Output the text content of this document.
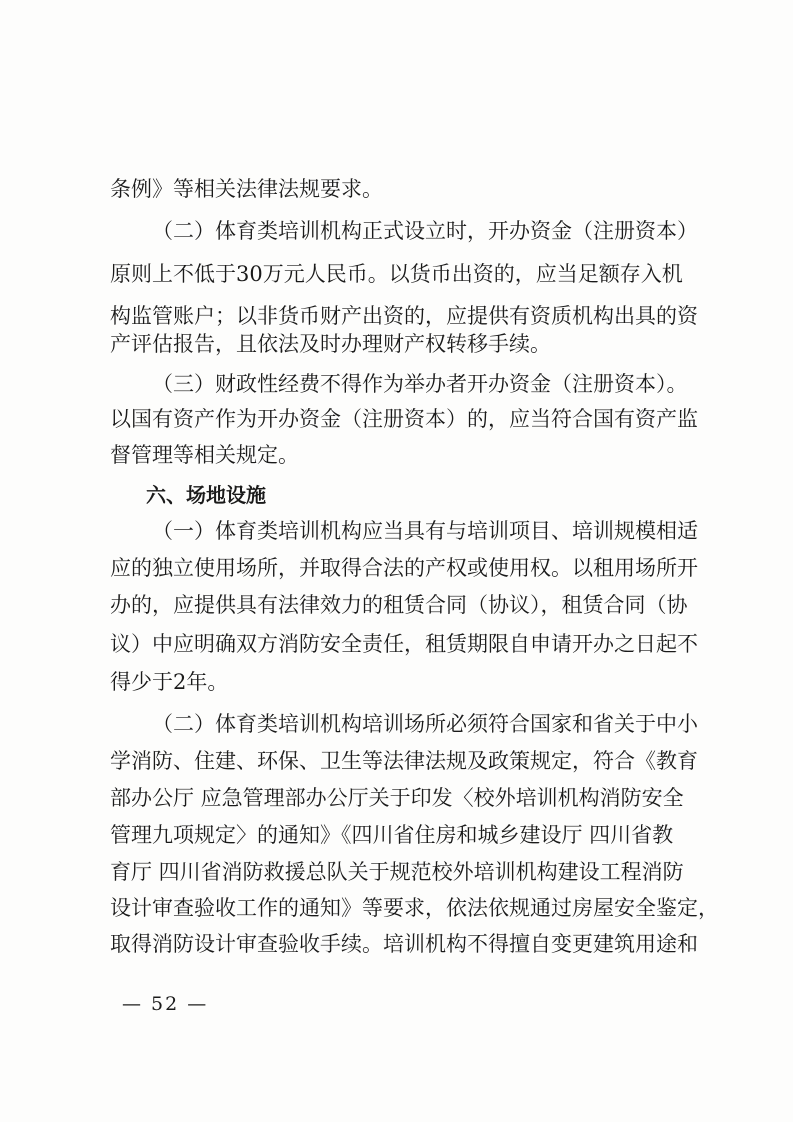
条例》等相关法律法规要求。
（二）体育类培训机构正式设立时，开办资金（注册资本）
原则上不低于30万元人民币。以货币出资的，应当足额存入机
构监管账户；以非货币财产出资的，应提供有资质机构出具的资
产评估报告，且依法及时办理财产权转移手续。
（三）财政性经费不得作为举办者开办资金（注册资本）。
以国有资产作为开办资金（注册资本）的，应当符合国有资产监
督管理等相关规定。
六、场地设施
（一）体育类培训机构应当具有与培训项目、培训规模相适
应的独立使用场所，并取得合法的产权或使用权。以租用场所开
办的，应提供具有法律效力的租赁合同（协议），租赁合同（协
议）中应明确双方消防安全责任，租赁期限自申请开办之日起不
得少于2年。
（二）体育类培训机构培训场所必须符合国家和省关于中小
学消防、住建、环保、卫生等法律法规及政策规定，符合《教育
部办公厅 应急管理部办公厅关于印发〈校外培训机构消防安全
管理九项规定〉的通知》《四川省住房和城乡建设厅 四川省教
育厅 四川省消防救援总队关于规范校外培训机构建设工程消防
设计审查验收工作的通知》等要求，依法依规通过房屋安全鉴定，
取得消防设计审查验收手续。培训机构不得擅自变更建筑用途和
— 52 —
